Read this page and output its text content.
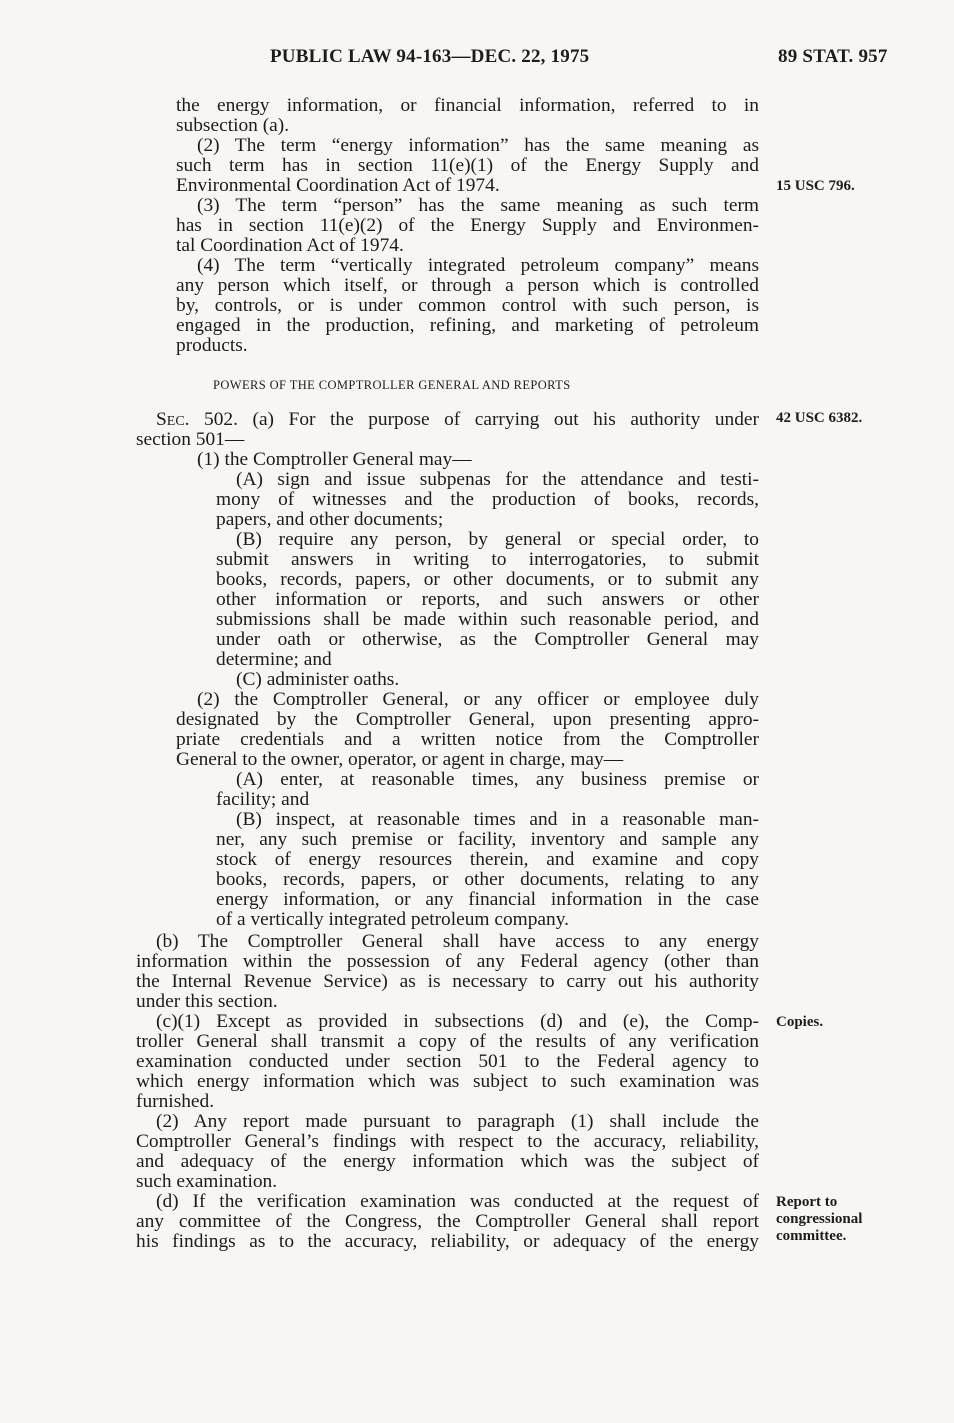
PUBLIC LAW 94-163—DEC. 22, 1975	89 STAT. 957
the energy information, or financial information, referred to in
subsection (a).
(2) The term “energy information” has the same meaning as
such term has in section 11(e)(1) of the Energy Supply and
Environmental Coordination Act of 1974.
(3) The term “person” has the same meaning as such term
has in section 11(e)(2) of the Energy Supply and Environmen-
tal Coordination Act of 1974.
(4) The term “vertically integrated petroleum company” means
any person which itself, or through a person which is controlled
by, controls, or is under common control with such person, is
engaged in the production, refining, and marketing of petroleum
products.
POWERS OF THE COMPTROLLER GENERAL AND REPORTS
Sec. 502. (a) For the purpose of carrying out his authority under
section 501—
(1) the Comptroller General may—
(A) sign and issue subpenas for the attendance and testi-
mony of witnesses and the production of books, records,
papers, and other documents;
(B) require any person, by general or special order, to
submit answers in writing to interrogatories, to submit
books, records, papers, or other documents, or to submit any
other information or reports, and such answers or other
submissions shall be made within such reasonable period, and
under oath or otherwise, as the Comptroller General may
determine; and
(C) administer oaths.
(2) the Comptroller General, or any officer or employee duly
designated by the Comptroller General, upon presenting appro-
priate credentials and a written notice from the Comptroller
General to the owner, operator, or agent in charge, may—
(A) enter, at reasonable times, any business premise or
facility; and
(B) inspect, at reasonable times and in a reasonable man-
ner, any such premise or facility, inventory and sample any
stock of energy resources therein, and examine and copy
books, records, papers, or other documents, relating to any
energy information, or any financial information in the case
of a vertically integrated petroleum company.
(b) The Comptroller General shall have access to any energy
information within the possession of any Federal agency (other than
the Internal Revenue Service) as is necessary to carry out his authority
under this section.
(c)(1) Except as provided in subsections (d) and (e), the Comp-
troller General shall transmit a copy of the results of any verification
examination conducted under section 501 to the Federal agency to
which energy information which was subject to such examination was
furnished.
(2) Any report made pursuant to paragraph (1) shall include the
Comptroller General’s findings with respect to the accuracy, reliability,
and adequacy of the energy information which was the subject of
such examination.
(d) If the verification examination was conducted at the request of
any committee of the Congress, the Comptroller General shall report
his findings as to the accuracy, reliability, or adequacy of the energy
15 USC 796.
42 USC 6382.
Copies.
Report to
congressional
committee.
